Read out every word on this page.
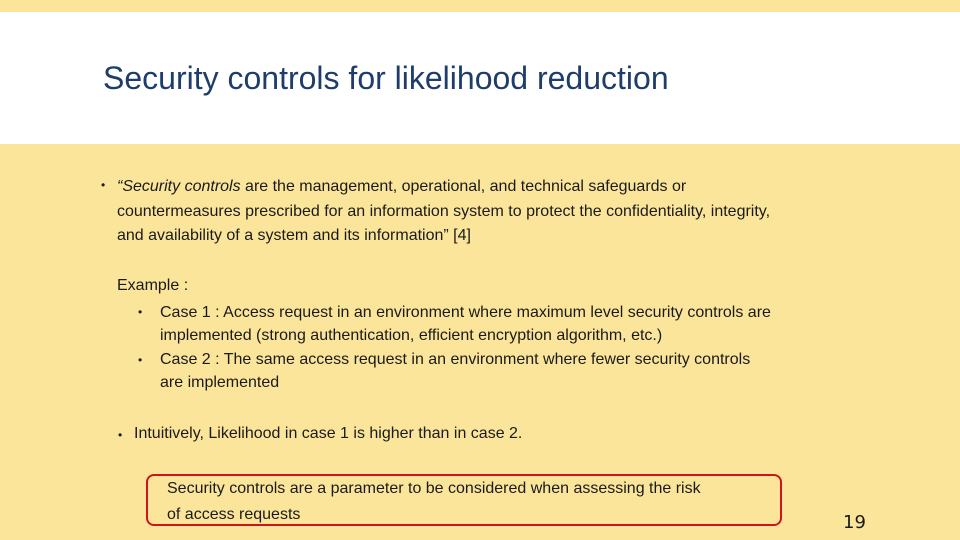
Security controls for likelihood reduction
• “Security controls are the management, operational, and technical safeguards or
countermeasures prescribed for an information system to protect the confidentiality, integrity,
and availability of a system and its information” [4]
Example :
• Case 1 : Access request in an environment where maximum level security controls are
implemented (strong authentication, efficient encryption algorithm, etc.)
• Case 2 : The same access request in an environment where fewer security controls
are implemented
• Intuitively, Likelihood in case 1 is higher than in case 2.
Security controls are a parameter to be considered when assessing the risk
of access requests	19
